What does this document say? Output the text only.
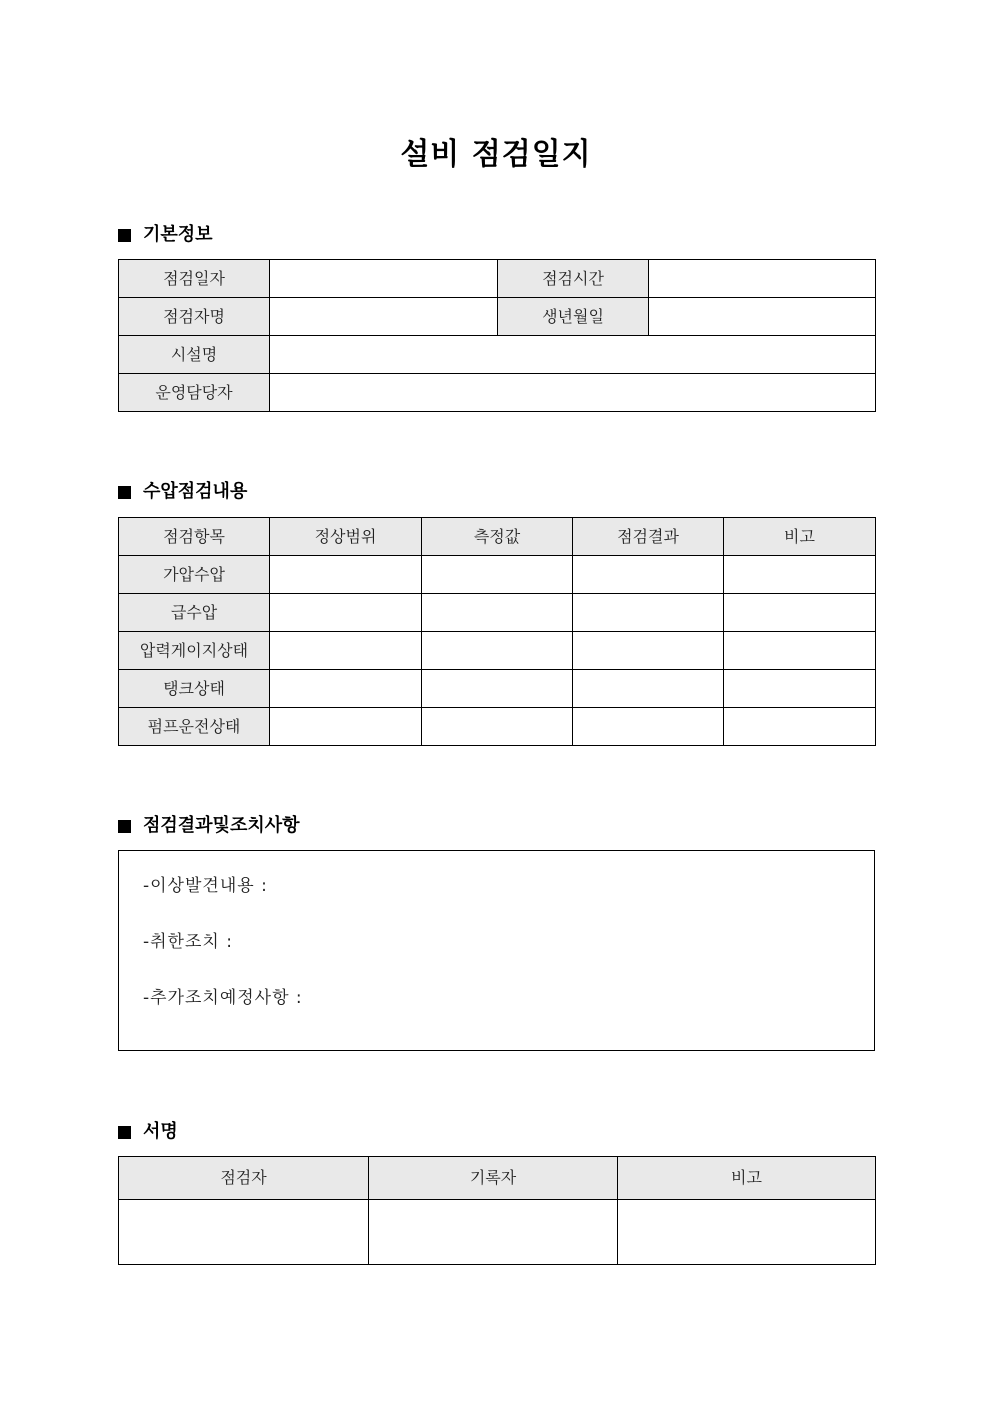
설비 점검일지
기본정보
점검일자		점검시간	
점검자명		생년월일	
시설명			
운영담당자			
수압점검내용
점검항목	정상범위	측정값	점검결과	비고
가압수압				
급수압				
압력게이지상태				
탱크상태				
펌프운전상태				
점검결과및조치사항
-이상발견내용 :
-취한조치 :
-추가조치예정사항 :
서명
점검자	기록자	비고
